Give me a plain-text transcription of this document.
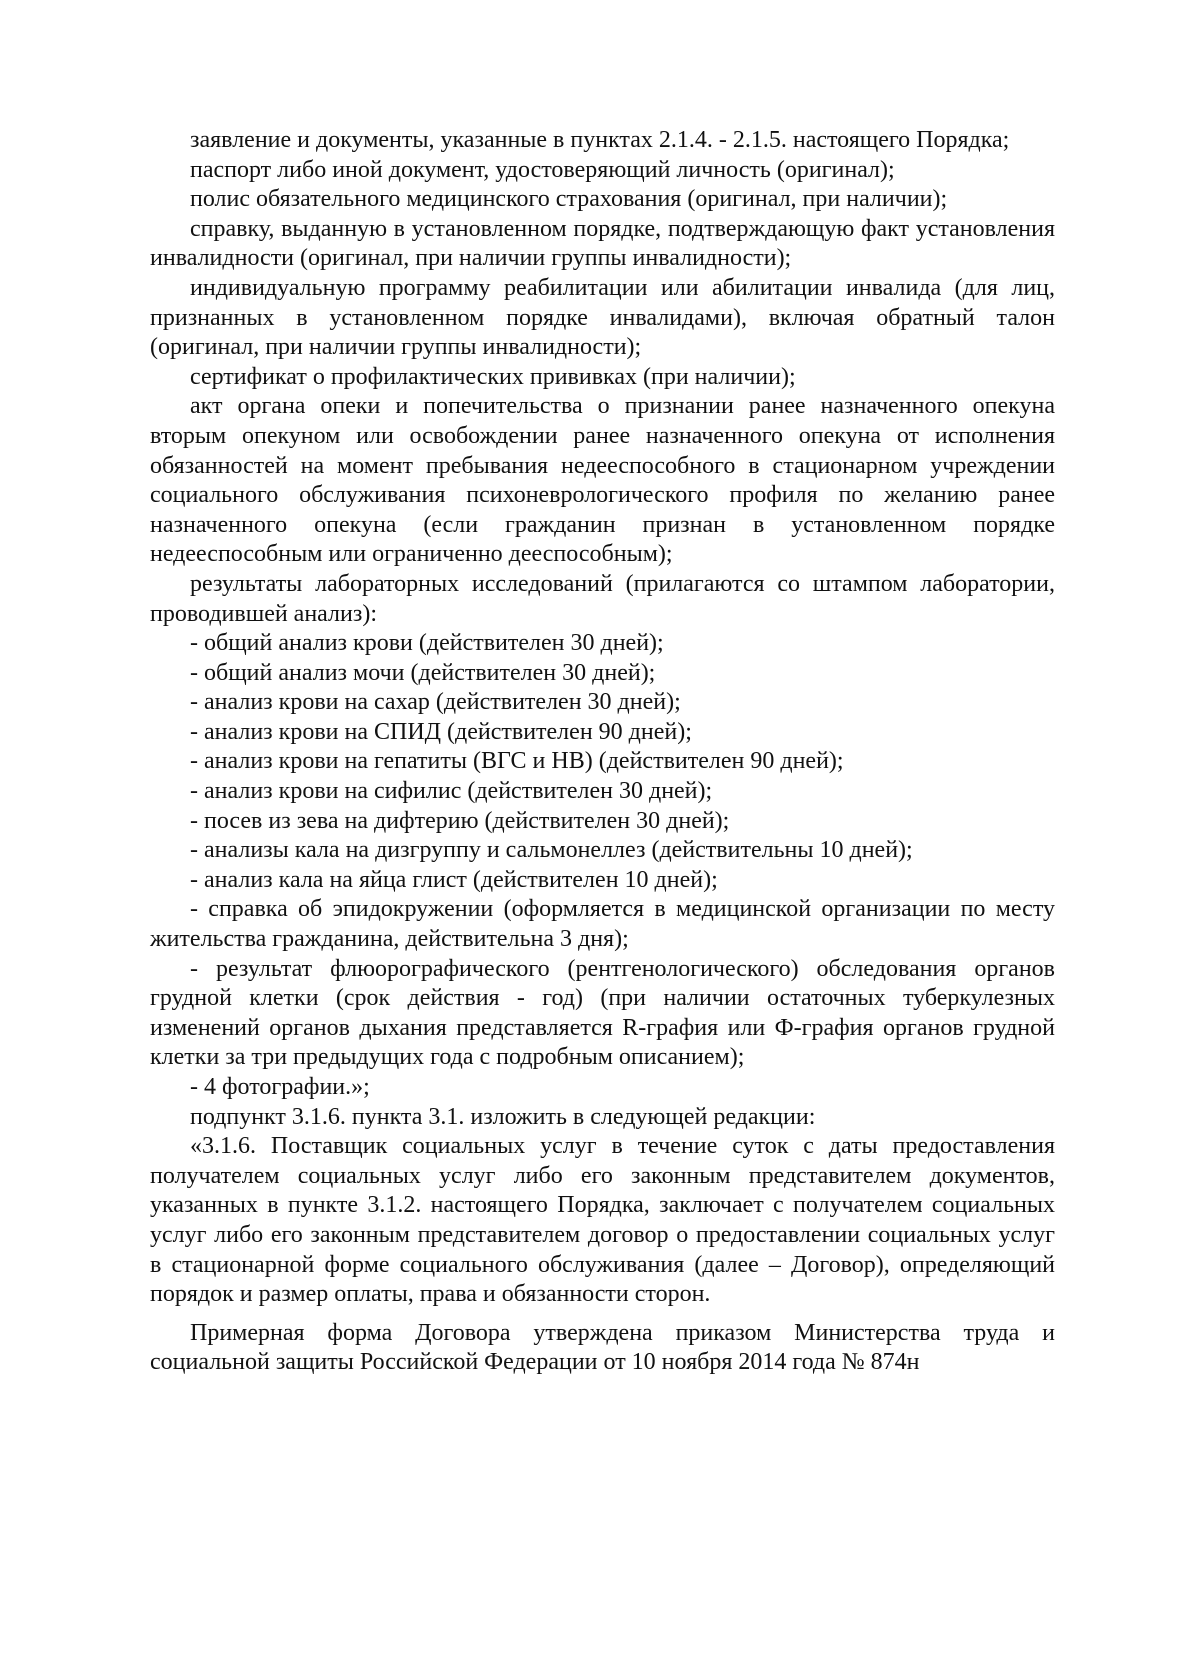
заявление и документы, указанные в пунктах 2.1.4. - 2.1.5. настоящего Порядка;

паспорт либо иной документ, удостоверяющий личность (оригинал);

полис обязательного медицинского страхования (оригинал, при наличии);

справку, выданную в установленном порядке, подтверждающую факт установления инвалидности (оригинал, при наличии группы инвалидности);

индивидуальную программу реабилитации или абилитации инвалида (для лиц, признанных в установленном порядке инвалидами), включая обратный талон (оригинал, при наличии группы инвалидности);

сертификат о профилактических прививках (при наличии);

акт органа опеки и попечительства о признании ранее назначенного опекуна вторым опекуном или освобождении ранее назначенного опекуна от исполнения обязанностей на момент пребывания недееспособного в стационарном учреждении социального обслуживания психоневрологического профиля по желанию ранее назначенного опекуна (если гражданин признан в установленном порядке недееспособным или ограниченно дееспособным);

результаты лабораторных исследований (прилагаются со штампом лаборатории, проводившей анализ):

- общий анализ крови (действителен 30 дней);

- общий анализ мочи (действителен 30 дней);

- анализ крови на сахар (действителен 30 дней);

- анализ крови на СПИД (действителен 90 дней);

- анализ крови на гепатиты (ВГС и НВ) (действителен 90 дней);

- анализ крови на сифилис (действителен 30 дней);

- посев из зева на дифтерию (действителен 30 дней);

- анализы кала на дизгруппу и сальмонеллез (действительны 10 дней);

- анализ кала на яйца глист (действителен 10 дней);

- справка об эпидокружении (оформляется в медицинской организации по месту жительства гражданина, действительна 3 дня);

- результат флюорографического (рентгенологического) обследования органов грудной клетки (срок действия - год) (при наличии остаточных туберкулезных изменений органов дыхания представляется R-графия или Ф-графия органов грудной клетки за три предыдущих года с подробным описанием);

- 4 фотографии.»;

подпункт 3.1.6. пункта 3.1. изложить в следующей редакции:

«3.1.6. Поставщик социальных услуг в течение суток с даты предоставления получателем социальных услуг либо его законным представителем документов, указанных в пункте 3.1.2. настоящего Порядка, заключает с получателем социальных услуг либо его законным представителем договор о предоставлении социальных услуг в стационарной форме социального обслуживания (далее – Договор), определяющий порядок и размер оплаты, права и обязанности сторон.

Примерная форма Договора утверждена приказом Министерства труда и социальной защиты Российской Федерации от 10 ноября 2014 года № 874н
